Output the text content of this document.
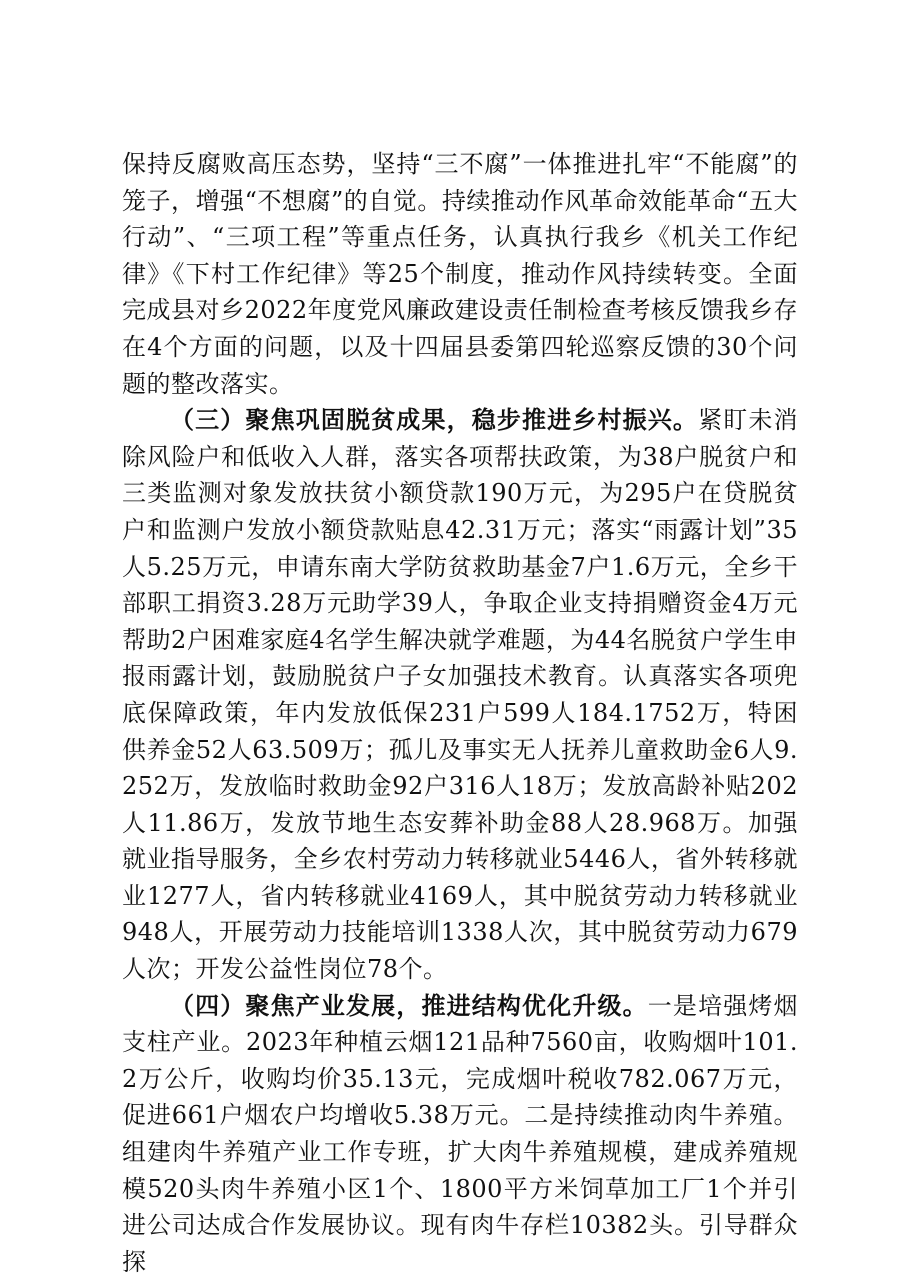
保持反腐败高压态势，坚持“三不腐”一体推进扎牢“不能腐”的笼子，增强“不想腐”的自觉。持续推动作风革命效能革命“五大行动”、“三项工程”等重点任务，认真执行我乡《机关工作纪律》《下村工作纪律》等25个制度，推动作风持续转变。全面完成县对乡2022年度党风廉政建设责任制检查考核反馈我乡存在4个方面的问题，以及十四届县委第四轮巡察反馈的30个问题的整改落实。

（三）聚焦巩固脱贫成果，稳步推进乡村振兴。紧盯未消除风险户和低收入人群，落实各项帮扶政策，为38户脱贫户和三类监测对象发放扶贫小额贷款190万元，为295户在贷脱贫户和监测户发放小额贷款贴息42.31万元；落实“雨露计划”35人5.25万元，申请东南大学防贫救助基金7户1.6万元，全乡干部职工捐资3.28万元助学39人，争取企业支持捐赠资金4万元帮助2户困难家庭4名学生解决就学难题，为44名脱贫户学生申报雨露计划，鼓励脱贫户子女加强技术教育。认真落实各项兜底保障政策，年内发放低保231户599人184.1752万，特困供养金52人63.509万；孤儿及事实无人抚养儿童救助金6人9.252万，发放临时救助金92户316人18万；发放高龄补贴202人11.86万，发放节地生态安葬补助金88人28.968万。加强就业指导服务，全乡农村劳动力转移就业5446人，省外转移就业1277人，省内转移就业4169人，其中脱贫劳动力转移就业948人，开展劳动力技能培训1338人次，其中脱贫劳动力679人次；开发公益性岗位78个。

（四）聚焦产业发展，推进结构优化升级。一是培强烤烟支柱产业。2023年种植云烟121品种7560亩，收购烟叶101.2万公斤，收购均价35.13元，完成烟叶税收782.067万元，促进661户烟农户均增收5.38万元。二是持续推动肉牛养殖。组建肉牛养殖产业工作专班，扩大肉牛养殖规模，建成养殖规模520头肉牛养殖小区1个、1800平方米饲草加工厂1个并引进公司达成合作发展协议。现有肉牛存栏10382头。引导群众探
